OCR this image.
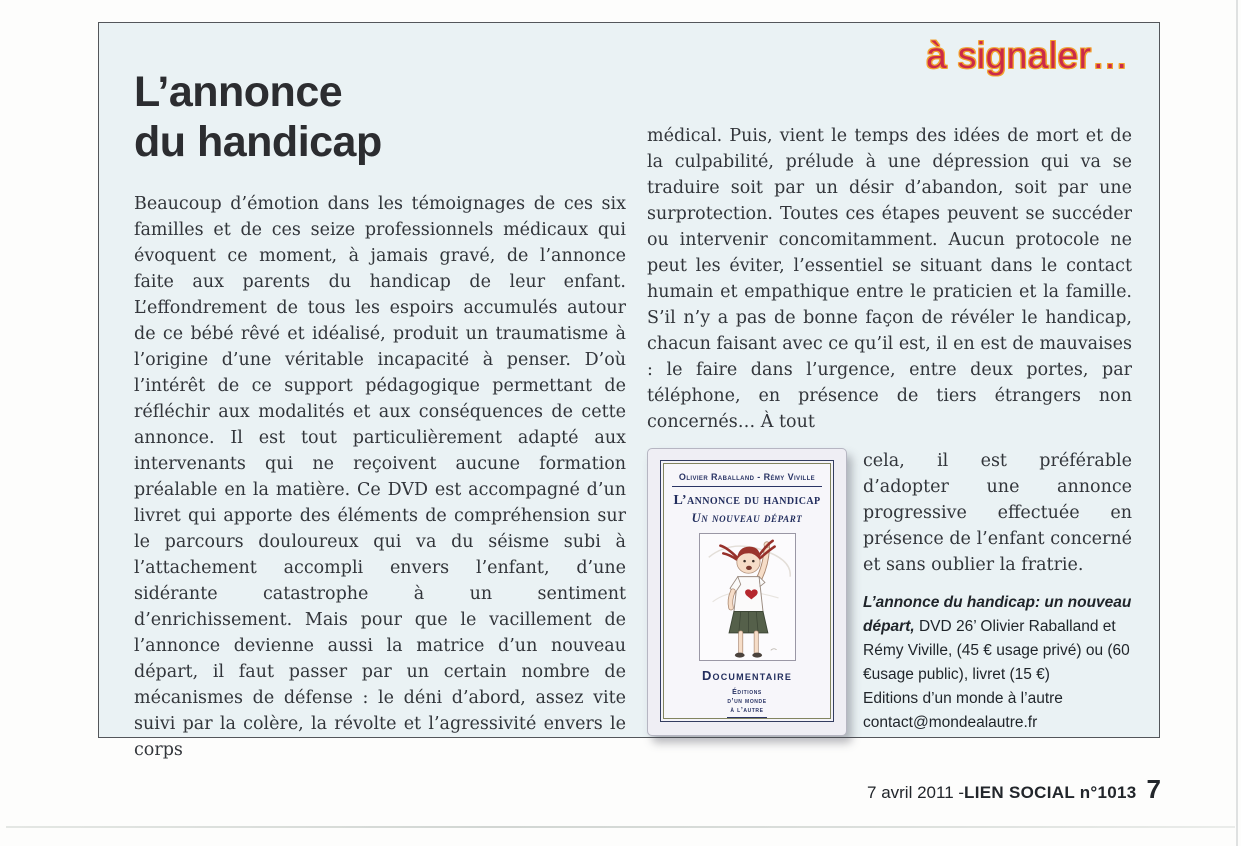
à signaler…
L’annonce
du handicap

Beaucoup d’émotion dans les témoignages de ces six familles et de ces seize professionnels médicaux qui évoquent ce moment, à jamais gravé, de l’annonce faite aux parents du handicap de leur enfant. L’effondrement de tous les espoirs accumulés autour de ce bébé rêvé et idéalisé, produit un traumatisme à l’origine d’une véritable incapacité à penser. D’où l’intérêt de ce support pédagogique permettant de réfléchir aux modalités et aux conséquences de cette annonce. Il est tout particulièrement adapté aux intervenants qui ne reçoivent aucune formation préalable en la matière. Ce DVD est accompagné d’un livret qui apporte des éléments de compréhension sur le parcours douloureux qui va du séisme subi à l’attachement accompli envers l’enfant, d’une sidérante catastrophe à un sentiment d’enrichissement. Mais pour que le vacillement de l’annonce devienne aussi la matrice d’un nouveau départ, il faut passer par un certain nombre de mécanismes de défense : le déni d’abord, assez vite suivi par la colère, la révolte et l’agressivité envers le corps

médical. Puis, vient le temps des idées de mort et de la culpabilité, prélude à une dépression qui va se traduire soit par un désir d’abandon, soit par une surprotection. Toutes ces étapes peuvent se succéder ou intervenir concomitamment. Aucun protocole ne peut les éviter, l’essentiel se situant dans le contact humain et empathique entre le praticien et la famille. S’il n’y a pas de bonne façon de révéler le handicap, chacun faisant avec ce qu’il est, il en est de mauvaises : le faire dans l’urgence, entre deux portes, par téléphone, en présence de tiers étrangers non concernés… À tout

Olivier Raballand - Rémy Viville
L’annonce du handicap
Un nouveau départ
Documentaire
Éditions
d’un monde
à l’autre

cela, il est préférable d’adopter une annonce progressive effectuée en présence de l’enfant concerné et sans oublier la fratrie.

L’annonce du handicap: un nouveau départ, DVD 26’ Olivier Raballand et Rémy Viville, (45 € usage privé) ou (60 €usage public), livret (15 €)
Editions d’un monde à l’autre
contact@mondealautre.fr
7 avril 2011 - LIEN SOCIAL n°1013 7
